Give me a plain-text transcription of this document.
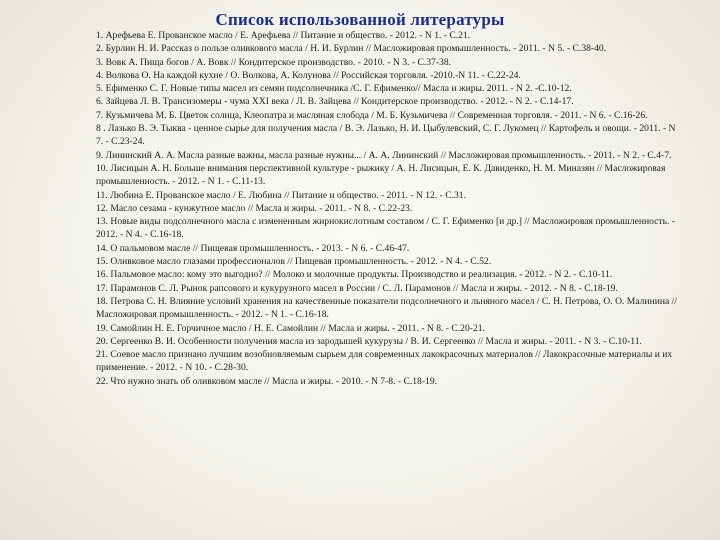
Список использованной литературы

1. Арефьева Е. Прованское масло / Е. Арефьева // Питание и общество. - 2012. - N 1. - С.21.

2. Бурлин Н. И. Рассказ о пользе оливкового масла / Н. И. Бурлин // Масложировая промышленность. - 2011. - N 5. - С.38-40.

3. Вовк А. Пища богов / А. Вовк // Кондитерское производство. - 2010. - N 3. - С.37-38.

4. Волкова О. На каждой кухне / О. Волкова, А. Колунова // Российская торговля. -2010.-N 11. - С.22-24.

5. Ефименко С. Г. Новые типы масел из семян подсолнечника /С. Г. Ефименко// Масла и жиры. 2011. - N 2. -С.10-12.

6. Зайцева Л. В. Трансизомеры - чума XXI века / Л. В. Зайцева // Кондитерское производство. - 2012. - N 2. - С.14-17.

7. Кузьмичева М. Б. Цветок солнца, Клеопатра и масляная слобода / М. Б. Кузьмичева // Современная торговля. - 2011. - N 6. - С.16-26.

8 . Лазько В. Э. Тыква - ценное сырье для получения масла / В. Э. Лазько, Н. И. Цыбулевский, С. Г. Лукомец // Картофель и овощи. - 2011. - N 7. - С.23-24.

9. Лининский А. А. Масла разные важны, масла разные нужны... / А. А. Лининский // Масложировая промышленность. - 2011. - N 2. - С.4-7.

10. Лисицын А. Н. Больше внимания перспективной культуре - рыжику / А. Н. Лисицын, Е. К. Давиденко, Н. М. Миназян // Масложировая промышленность. - 2012. - N 1. - С.11-13.

11. Любина Е. Прованское масло / Е. Любина // Питание и общество. - 2011. - N 12. - С.31.

12. Масло сезама - кунжутное масло // Масла и жиры. - 2011. - N 8. - С.22-23.

13. Новые виды подсолнечного масла с измененным жирнокислотным составом / С. Г. Ефименко [и др.] // Масложировая промышленность. - 2012. - N 4. - С.16-18.

14. О пальмовом масле // Пищевая промышленность. - 2013. - N 6. - С.46-47.

15. Оливковое масло глазами профессионалов // Пищевая промышленность. - 2012. - N 4. - С.52.

16. Пальмовое масло: кому это выгодно? // Молоко и молочные продукты. Производство и реализация. - 2012. - N 2. - С.10-11.

17. Парамонов С. Л. Рынок рапсового и кукурузного масел в России / С. Л. Парамонов // Масла и жиры. - 2012. - N 8. - С.18-19.

18. Петрова С. Н. Влияние условий хранения на качественные показатели подсолнечного и льняного масел / С. Н. Петрова, О. О. Малинина // Масложировая промышленность. - 2012. - N 1. - С.16-18.

19. Самойлин Н. Е. Горчичное масло / Н. Е. Самойлин // Масла и жиры. - 2011. - N 8. - С.20-21.

20. Сергеенко В. И. Особенности получения масла из зародышей кукурузы / В. И. Сергеенко // Масла и жиры. - 2011. - N 3. - С.10-11.

21. Соевое масло признано лучшим возобновляемым сырьем для современных лакокрасочных материалов // Лакокрасочные материалы и их применение. - 2012. - N 10. - С.28-30.

22. Что нужно знать об оливковом масле // Масла и жиры. - 2010. - N 7-8. - С.18-19.
